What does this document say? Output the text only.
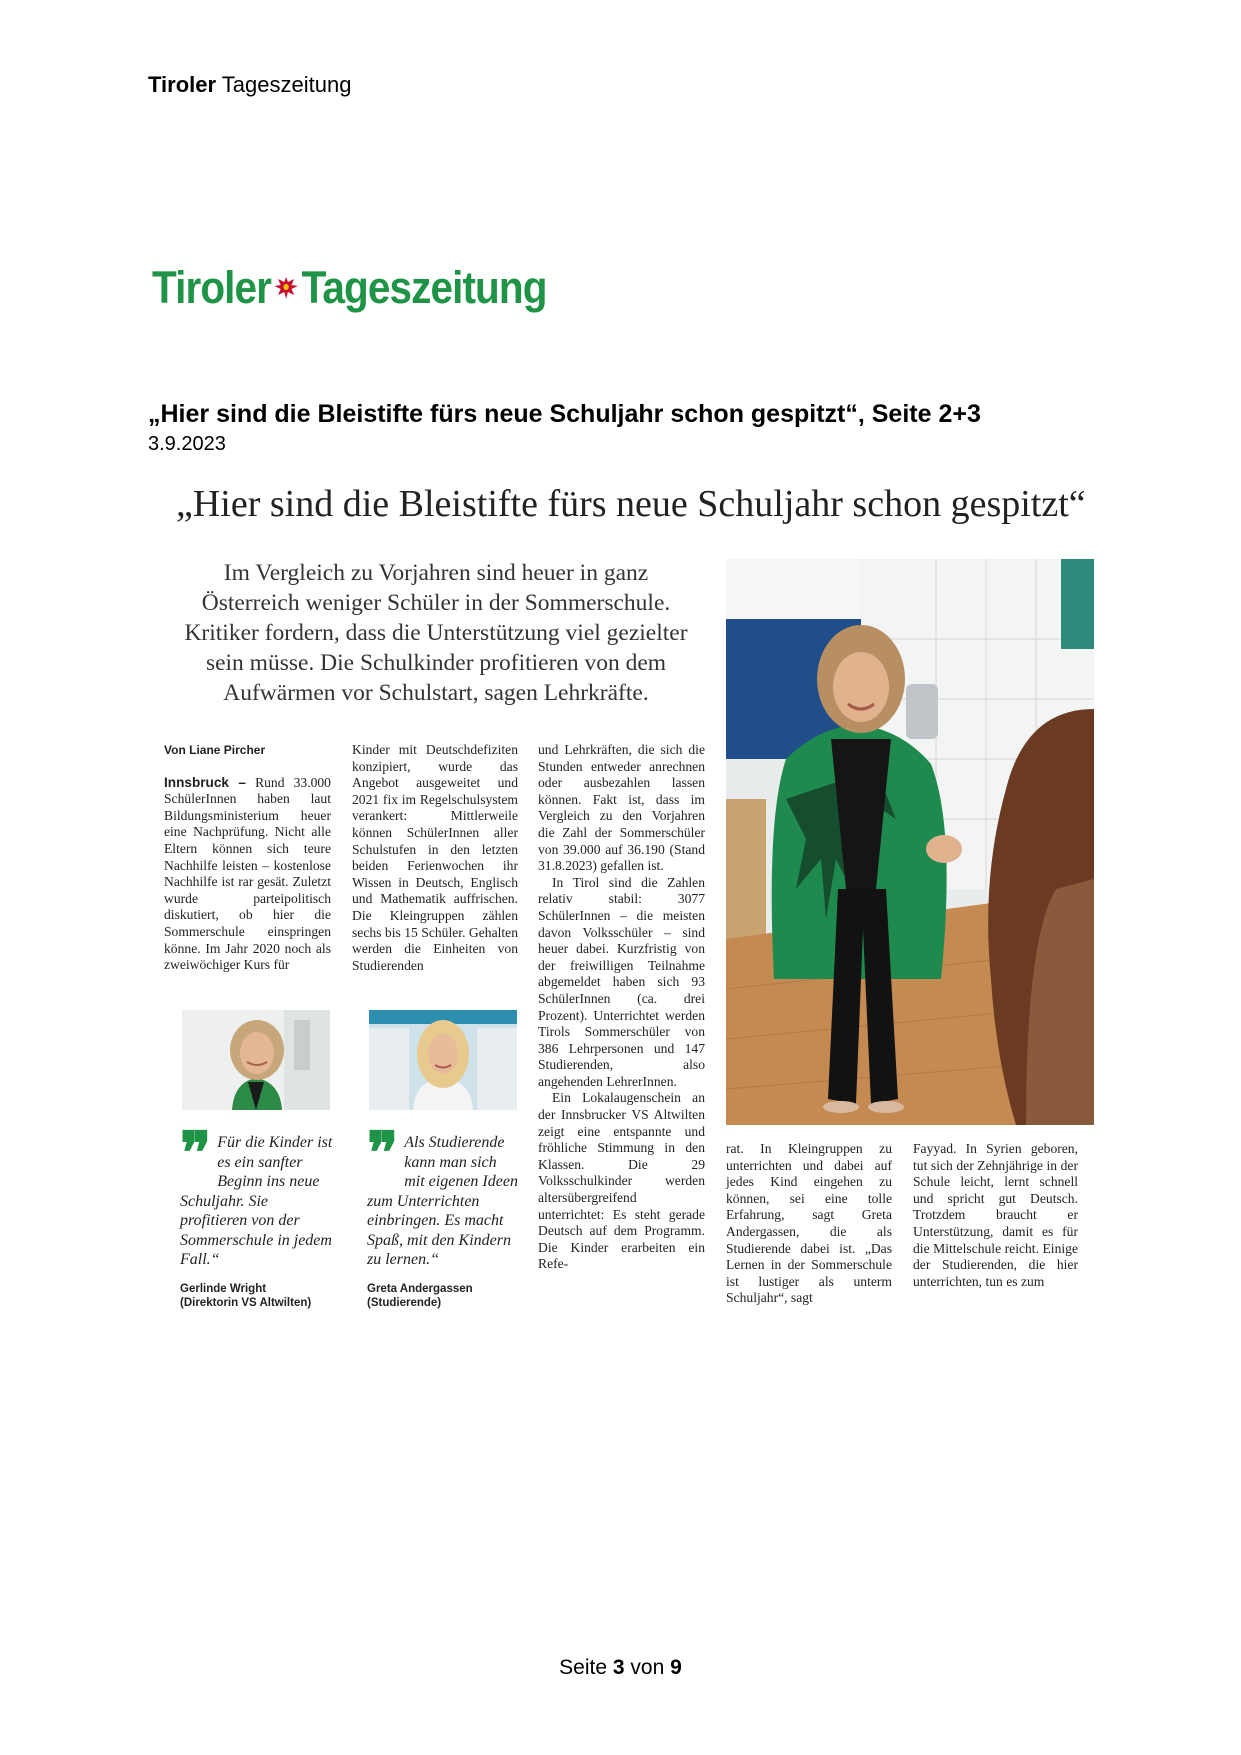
Tiroler Tageszeitung
Tiroler Tageszeitung
„Hier sind die Bleistifte fürs neue Schuljahr schon gespitzt“‚ Seite 2+3
3.9.2023
„Hier sind die Bleistifte fürs neue Schuljahr schon gespitzt“
Im Vergleich zu Vorjahren sind heuer in ganz Österreich weniger Schüler in der Sommerschule. Kritiker fordern, dass die Unterstützung viel gezielter sein müsse. Die Schulkinder profitieren von dem Aufwärmen vor Schulstart, sagen Lehrkräfte.

Von Liane Pircher

Innsbruck – Rund 33.000 SchülerInnen haben laut Bildungsministerium heuer eine Nachprüfung. Nicht alle Eltern können sich teure Nachhilfe leisten – kostenlose Nachhilfe ist rar gesät. Zuletzt wurde parteipolitisch diskutiert, ob hier die Sommerschule einspringen könne. Im Jahr 2020 noch als zweiwöchiger Kurs für

Kinder mit Deutschdefiziten konzipiert, wurde das Angebot ausgeweitet und 2021 fix im Regelschulsystem verankert: Mittlerweile können SchülerInnen aller Schulstufen in den letzten beiden Ferienwochen ihr Wissen in Deutsch, Englisch und Mathematik auffrischen. Die Kleingruppen zählen sechs bis 15 Schüler. Gehalten werden die Einheiten von Studierenden

und Lehrkräften, die sich die Stunden entweder anrechnen oder ausbezahlen lassen können. Fakt ist, dass im Vergleich zu den Vorjahren die Zahl der Sommerschüler von 39.000 auf 36.190 (Stand 31.8.2023) gefallen ist.

In Tirol sind die Zahlen relativ stabil: 3077 SchülerInnen – die meisten davon Volksschüler – sind heuer dabei. Kurzfristig von der freiwilligen Teilnahme abgemeldet haben sich 93 SchülerInnen (ca. drei Prozent). Unterrichtet werden Tirols Sommerschüler von 386 Lehrpersonen und 147 Studierenden, also angehenden LehrerInnen.

Ein Lokalaugenschein an der Innsbrucker VS Altwilten zeigt eine entspannte und fröhliche Stimmung in den Klassen. Die 29 Volksschulkinder werden altersübergreifend unterrichtet: Es steht gerade Deutsch auf dem Programm. Die Kinder erarbeiten ein Refe-

rat. In Kleingruppen zu unterrichten und dabei auf jedes Kind eingehen zu können, sei eine tolle Erfahrung, sagt Greta Andergassen, die als Studierende dabei ist. „Das Lernen in der Sommerschule ist lustiger als unterm Schuljahr“, sagt

Fayyad. In Syrien geboren, tut sich der Zehnjährige in der Schule leicht, lernt schnell und spricht gut Deutsch. Trotzdem braucht er Unterstützung, damit es für die Mittelschule reicht. Einige der Studierenden, die hier unterrichten, tun es zum

❞ Für die Kinder ist es ein sanfter Beginn ins neue Schuljahr. Sie profitieren von der Sommerschule in jedem Fall.“
Gerlinde Wright
(Direktorin VS Altwilten)
❞ Als Studierende kann man sich mit eigenen Ideen zum Unterrichten einbringen. Es macht Spaß, mit den Kindern zu lernen.“
Greta Andergassen
(Studierende)
Seite 3 von 9
